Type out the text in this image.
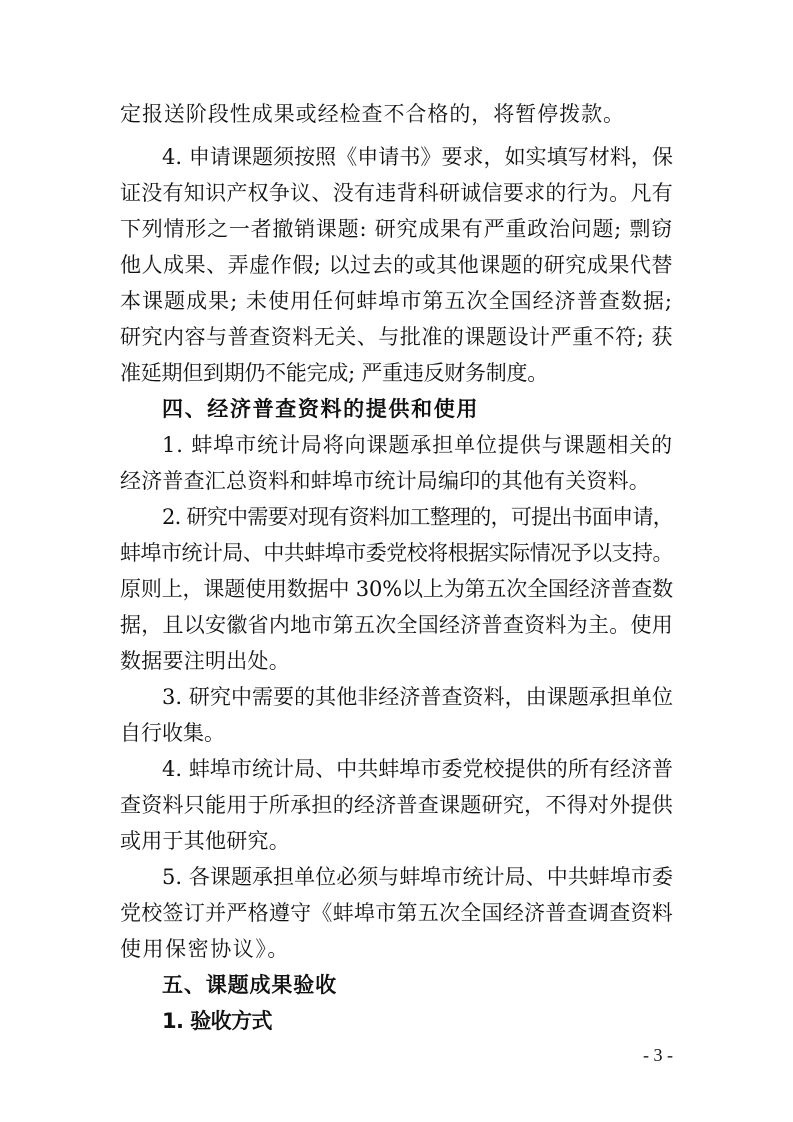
定报送阶段性成果或经检查不合格的，将暂停拨款。
4. 申请课题须按照《申请书》要求，如实填写材料，保
证没有知识产权争议、没有违背科研诚信要求的行为。凡有
下列情形之一者撤销课题: 研究成果有严重政治问题; 剽窃
他人成果、弄虚作假; 以过去的或其他课题的研究成果代替
本课题成果; 未使用任何蚌埠市第五次全国经济普查数据;
研究内容与普查资料无关、与批准的课题设计严重不符; 获
准延期但到期仍不能完成; 严重违反财务制度。
四、经济普查资料的提供和使用
1. 蚌埠市统计局将向课题承担单位提供与课题相关的
经济普查汇总资料和蚌埠市统计局编印的其他有关资料。
2. 研究中需要对现有资料加工整理的，可提出书面申请，
蚌埠市统计局、中共蚌埠市委党校将根据实际情况予以支持。
原则上，课题使用数据中 30%以上为第五次全国经济普查数
据，且以安徽省内地市第五次全国经济普查资料为主。使用
数据要注明出处。
3. 研究中需要的其他非经济普查资料，由课题承担单位
自行收集。
4. 蚌埠市统计局、中共蚌埠市委党校提供的所有经济普
查资料只能用于所承担的经济普查课题研究，不得对外提供
或用于其他研究。
5. 各课题承担单位必须与蚌埠市统计局、中共蚌埠市委
党校签订并严格遵守《蚌埠市第五次全国经济普查调查资料
使用保密协议》。
五、课题成果验收
1. 验收方式
- 3 -
